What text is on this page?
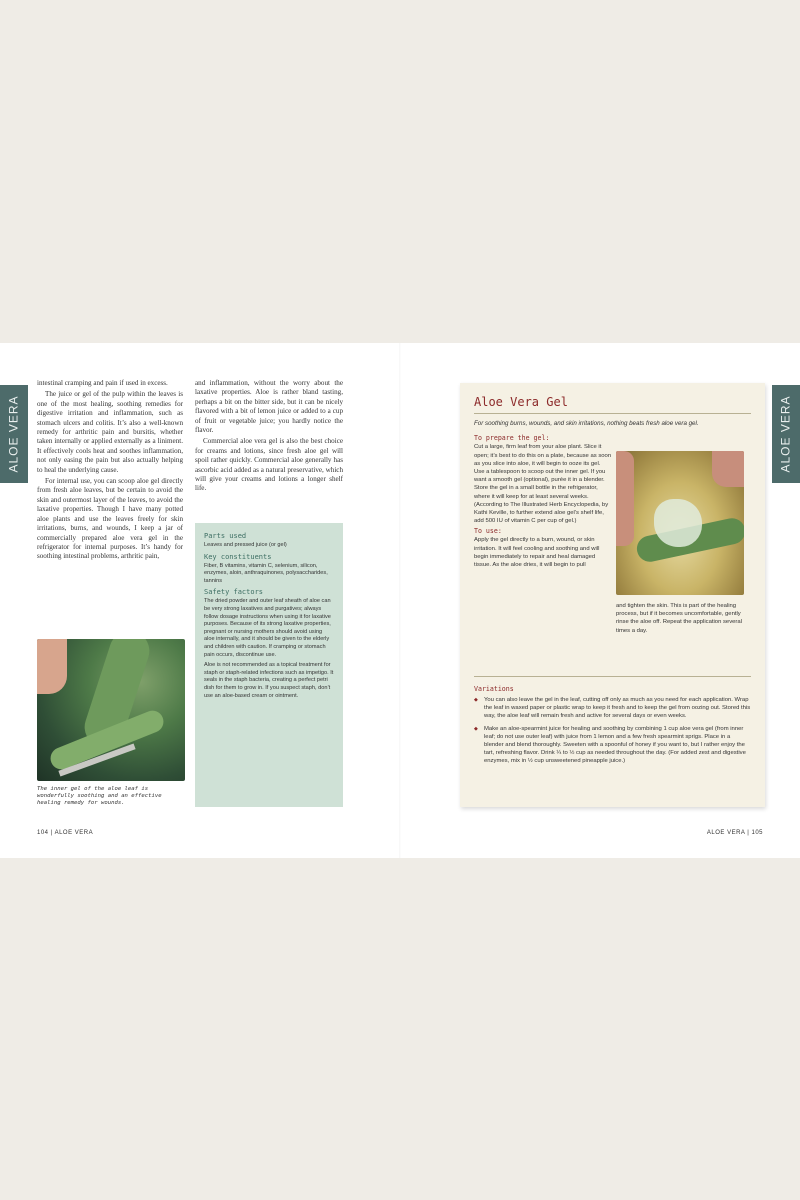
ALOE VERA

intestinal cramping and pain if used in excess.

The juice or gel of the pulp within the leaves is one of the most healing, soothing remedies for digestive irritation and inflammation, such as stomach ulcers and colitis. It’s also a well-known remedy for arthritic pain and bursitis, whether taken internally or applied externally as a liniment. It effectively cools heat and soothes inflammation, not only easing the pain but also actually helping to heal the underlying cause.

For internal use, you can scoop aloe gel directly from fresh aloe leaves, but be certain to avoid the skin and outermost layer of the leaves, to avoid the laxative properties. Though I have many potted aloe plants and use the leaves freely for skin irritations, burns, and wounds, I keep a jar of commercially prepared aloe vera gel in the refrigerator for internal purposes. It’s handy for soothing intestinal problems, arthritic pain,

and inflammation, without the worry about the laxative properties. Aloe is rather bland tasting, perhaps a bit on the bitter side, but it can be nicely flavored with a bit of lemon juice or added to a cup of fruit or vegetable juice; you hardly notice the flavor.

Commercial aloe vera gel is also the best choice for creams and lotions, since fresh aloe gel will spoil rather quickly. Commercial aloe generally has ascorbic acid added as a natural preservative, which will give your creams and lotions a longer shelf life.

The inner gel of the aloe leaf is wonderfully soothing and an effective healing remedy for wounds.
Parts used
Leaves and pressed juice (or gel)
Key constituents
Fiber, B vitamins, vitamin C, selenium, silicon, enzymes, aloin, anthraquinones, polysaccharides, tannins
Safety factors
The dried powder and outer leaf sheath of aloe can be very strong laxatives and purgatives; always follow dosage instructions when using it for laxative purposes. Because of its strong laxative properties, pregnant or nursing mothers should avoid using aloe internally, and it should be given to the elderly and children with caution. If cramping or stomach pain occurs, discontinue use.
Aloe is not recommended as a topical treatment for staph or staph-related infections such as impetigo. It seals in the staph bacteria, creating a perfect petri dish for them to grow in. If you suspect staph, don’t use an aloe-based cream or ointment.
104 | ALOE VERA
Aloe Vera Gel
For soothing burns, wounds, and skin irritations, nothing beats fresh aloe vera gel.
To prepare the gel:
Cut a large, firm leaf from your aloe plant. Slice it open; it’s best to do this on a plate, because as soon as you slice into aloe, it will begin to ooze its gel. Use a tablespoon to scoop out the inner gel. If you want a smooth gel (optional), purée it in a blender. Store the gel in a small bottle in the refrigerator, where it will keep for at least several weeks. (According to The Illustrated Herb Encyclopedia, by Kathi Keville, to further extend aloe gel’s shelf life, add 500 IU of vitamin C per cup of gel.)
To use:
Apply the gel directly to a burn, wound, or skin irritation. It will feel cooling and soothing and will begin immediately to repair and heal damaged tissue. As the aloe dries, it will begin to pull
and tighten the skin. This is part of the healing process, but if it becomes uncomfortable, gently rinse the aloe off. Repeat the application several times a day.
Variations
◆ You can also leave the gel in the leaf, cutting off only as much as you need for each application. Wrap the leaf in waxed paper or plastic wrap to keep it fresh and to keep the gel from oozing out. Stored this way, the aloe leaf will remain fresh and active for several days or even weeks.
◆ Make an aloe-spearmint juice for healing and soothing by combining 1 cup aloe vera gel (from inner leaf; do not use outer leaf) with juice from 1 lemon and a few fresh spearmint sprigs. Place in a blender and blend thoroughly. Sweeten with a spoonful of honey if you want to, but I rather enjoy the tart, refreshing flavor. Drink ¼ to ½ cup as needed throughout the day. (For added zest and digestive enzymes, mix in ½ cup unsweetened pineapple juice.)
ALOE VERA
ALOE VERA | 105
